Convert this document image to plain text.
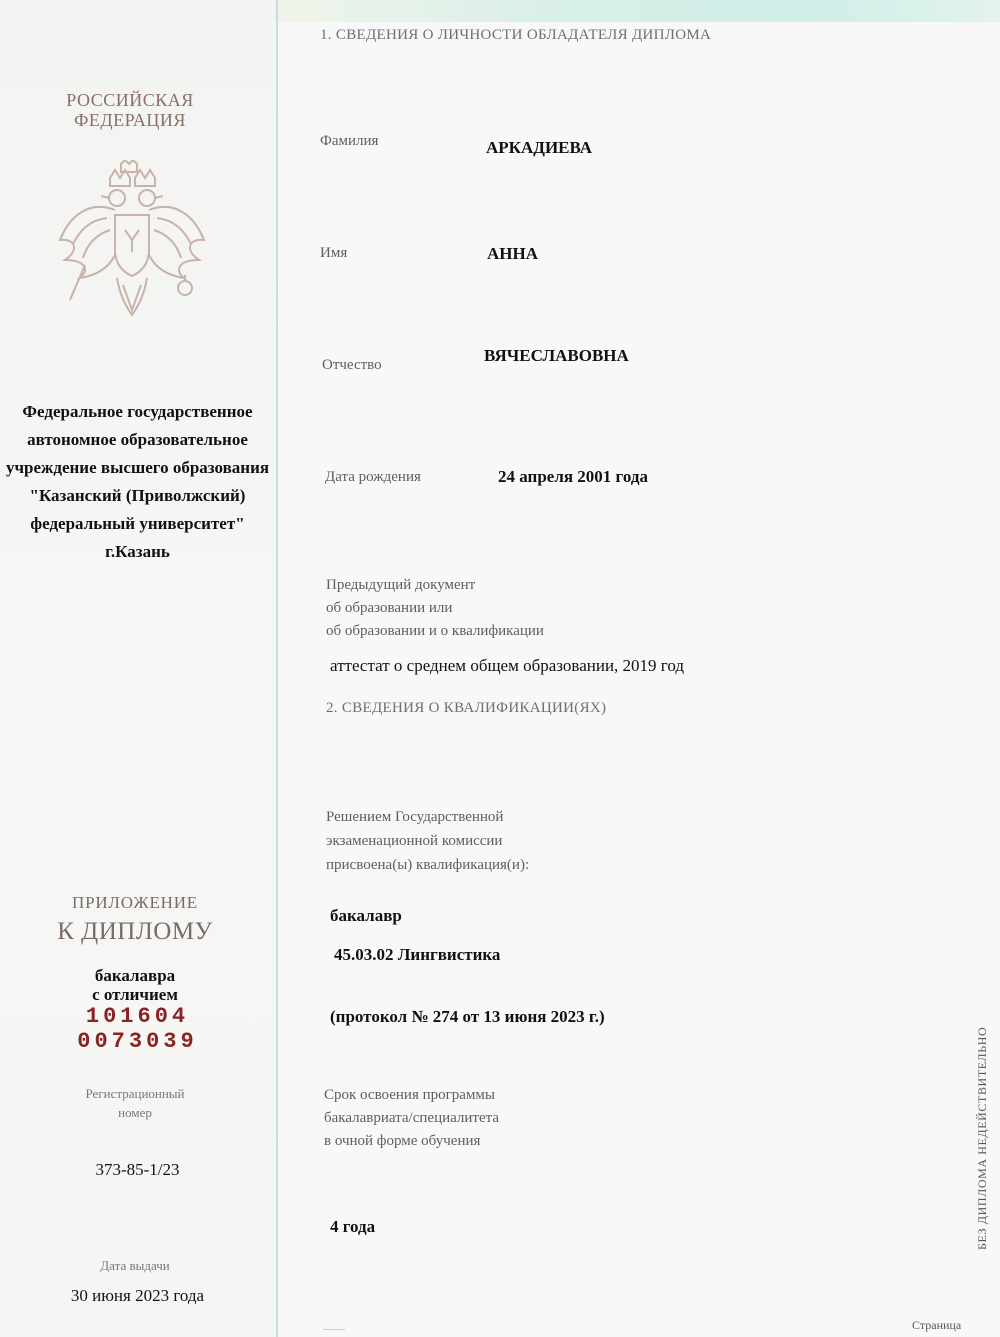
РОССИЙСКАЯ

ФЕДЕРАЦИЯ

Федеральное государственное

автономное образовательное

учреждение высшего образования

"Казанский (Приволжский)

федеральный университет"

г.Казань

ПРИЛОЖЕНИЕ

К ДИПЛОМУ

бакалавра

с отличием

101604 0073039

Регистрационный

номер

373-85-1/23

Дата выдачи

30 июня 2023 года

1. СВЕДЕНИЯ О ЛИЧНОСТИ ОБЛАДАТЕЛЯ ДИПЛОМА

Фамилия	АРКАДИЕВА

Имя	АННА

Отчество	ВЯЧЕСЛАВОВНА

Дата рождения	24 апреля 2001 года

Предыдущий документ

об образовании или

об образовании и о квалификации

аттестат о среднем общем образовании, 2019 год

2. СВЕДЕНИЯ О КВАЛИФИКАЦИИ(ЯХ)

Решением Государственной

экзаменационной комиссии

присвоена(ы) квалификация(и):

бакалавр

45.03.02 Лингвистика

(протокол № 274 от 13 июня 2023 г.)

Срок освоения программы

бакалавриата/специалитета

в очной форме обучения

4 года	БЕЗ ДИПЛОМА НЕДЕЙСТВИТЕЛЬНО

Страница
